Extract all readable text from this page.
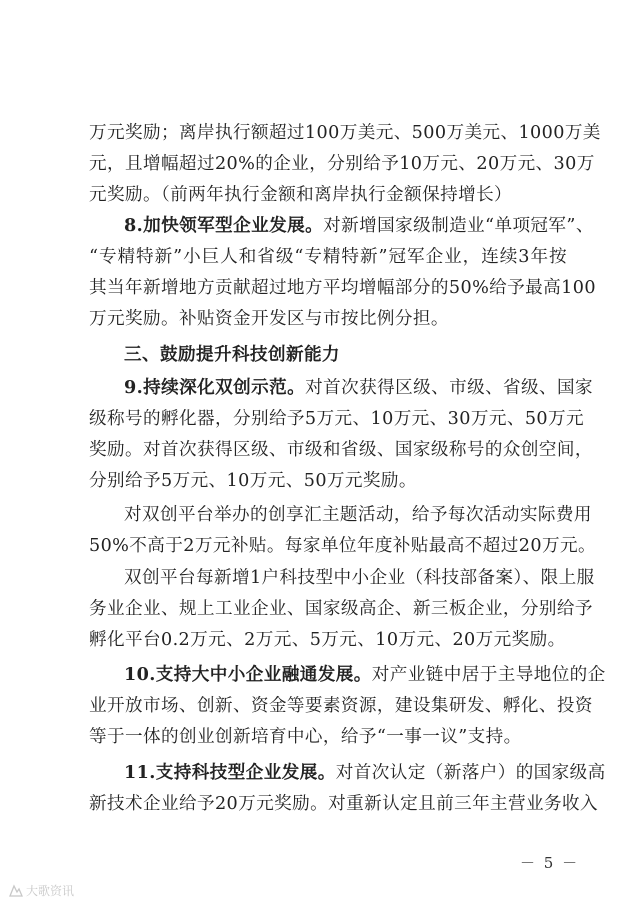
万元奖励；离岸执行额超过100万美元、500万美元、1000万美
元，且增幅超过20%的企业，分别给予10万元、20万元、30万
元奖励。（前两年执行金额和离岸执行金额保持增长）
8.加快领军型企业发展。对新增国家级制造业“单项冠军”、
“专精特新”小巨人和省级“专精特新”冠军企业，连续3年按
其当年新增地方贡献超过地方平均增幅部分的50%给予最高100
万元奖励。补贴资金开发区与市按比例分担。
三、鼓励提升科技创新能力
9.持续深化双创示范。对首次获得区级、市级、省级、国家
级称号的孵化器，分别给予5万元、10万元、30万元、50万元
奖励。对首次获得区级、市级和省级、国家级称号的众创空间，
分别给予5万元、10万元、50万元奖励。
对双创平台举办的创享汇主题活动，给予每次活动实际费用
50%不高于2万元补贴。每家单位年度补贴最高不超过20万元。
双创平台每新增1户科技型中小企业（科技部备案）、限上服
务业企业、规上工业企业、国家级高企、新三板企业，分别给予
孵化平台0.2万元、2万元、5万元、10万元、20万元奖励。
10.支持大中小企业融通发展。对产业链中居于主导地位的企
业开放市场、创新、资金等要素资源，建设集研发、孵化、投资
等于一体的创业创新培育中心，给予“一事一议”支持。
11.支持科技型企业发展。对首次认定（新落户）的国家级高
新技术企业给予20万元奖励。对重新认定且前三年主营业务收入
－ 5 －
大歌资讯
